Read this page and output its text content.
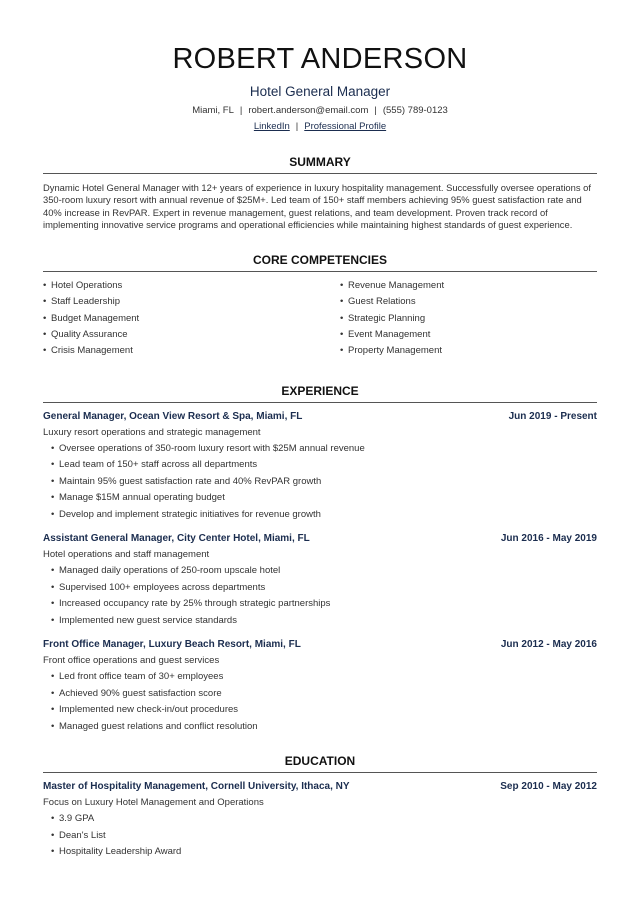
ROBERT ANDERSON
Hotel General Manager
Miami, FL | robert.anderson@email.com | (555) 789-0123
LinkedIn | Professional Profile
SUMMARY
Dynamic Hotel General Manager with 12+ years of experience in luxury hospitality management. Successfully oversee operations of 350-room luxury resort with annual revenue of $25M+. Led team of 150+ staff members achieving 95% guest satisfaction rate and 40% increase in RevPAR. Expert in revenue management, guest relations, and team development. Proven track record of implementing innovative service programs and operational efficiencies while maintaining highest standards of guest experience.
CORE COMPETENCIES
• Hotel Operations	• Revenue Management
• Staff Leadership	• Guest Relations
• Budget Management	• Strategic Planning
• Quality Assurance	• Event Management
• Crisis Management	• Property Management
EXPERIENCE
General Manager, Ocean View Resort & Spa, Miami, FL	Jun 2019 - Present
Luxury resort operations and strategic management
• Oversee operations of 350-room luxury resort with $25M annual revenue
• Lead team of 150+ staff across all departments
• Maintain 95% guest satisfaction rate and 40% RevPAR growth
• Manage $15M annual operating budget
• Develop and implement strategic initiatives for revenue growth
Assistant General Manager, City Center Hotel, Miami, FL	Jun 2016 - May 2019
Hotel operations and staff management
• Managed daily operations of 250-room upscale hotel
• Supervised 100+ employees across departments
• Increased occupancy rate by 25% through strategic partnerships
• Implemented new guest service standards
Front Office Manager, Luxury Beach Resort, Miami, FL	Jun 2012 - May 2016
Front office operations and guest services
• Led front office team of 30+ employees
• Achieved 90% guest satisfaction score
• Implemented new check-in/out procedures
• Managed guest relations and conflict resolution
EDUCATION
Master of Hospitality Management, Cornell University, Ithaca, NY	Sep 2010 - May 2012
Focus on Luxury Hotel Management and Operations
• 3.9 GPA
• Dean's List
• Hospitality Leadership Award
